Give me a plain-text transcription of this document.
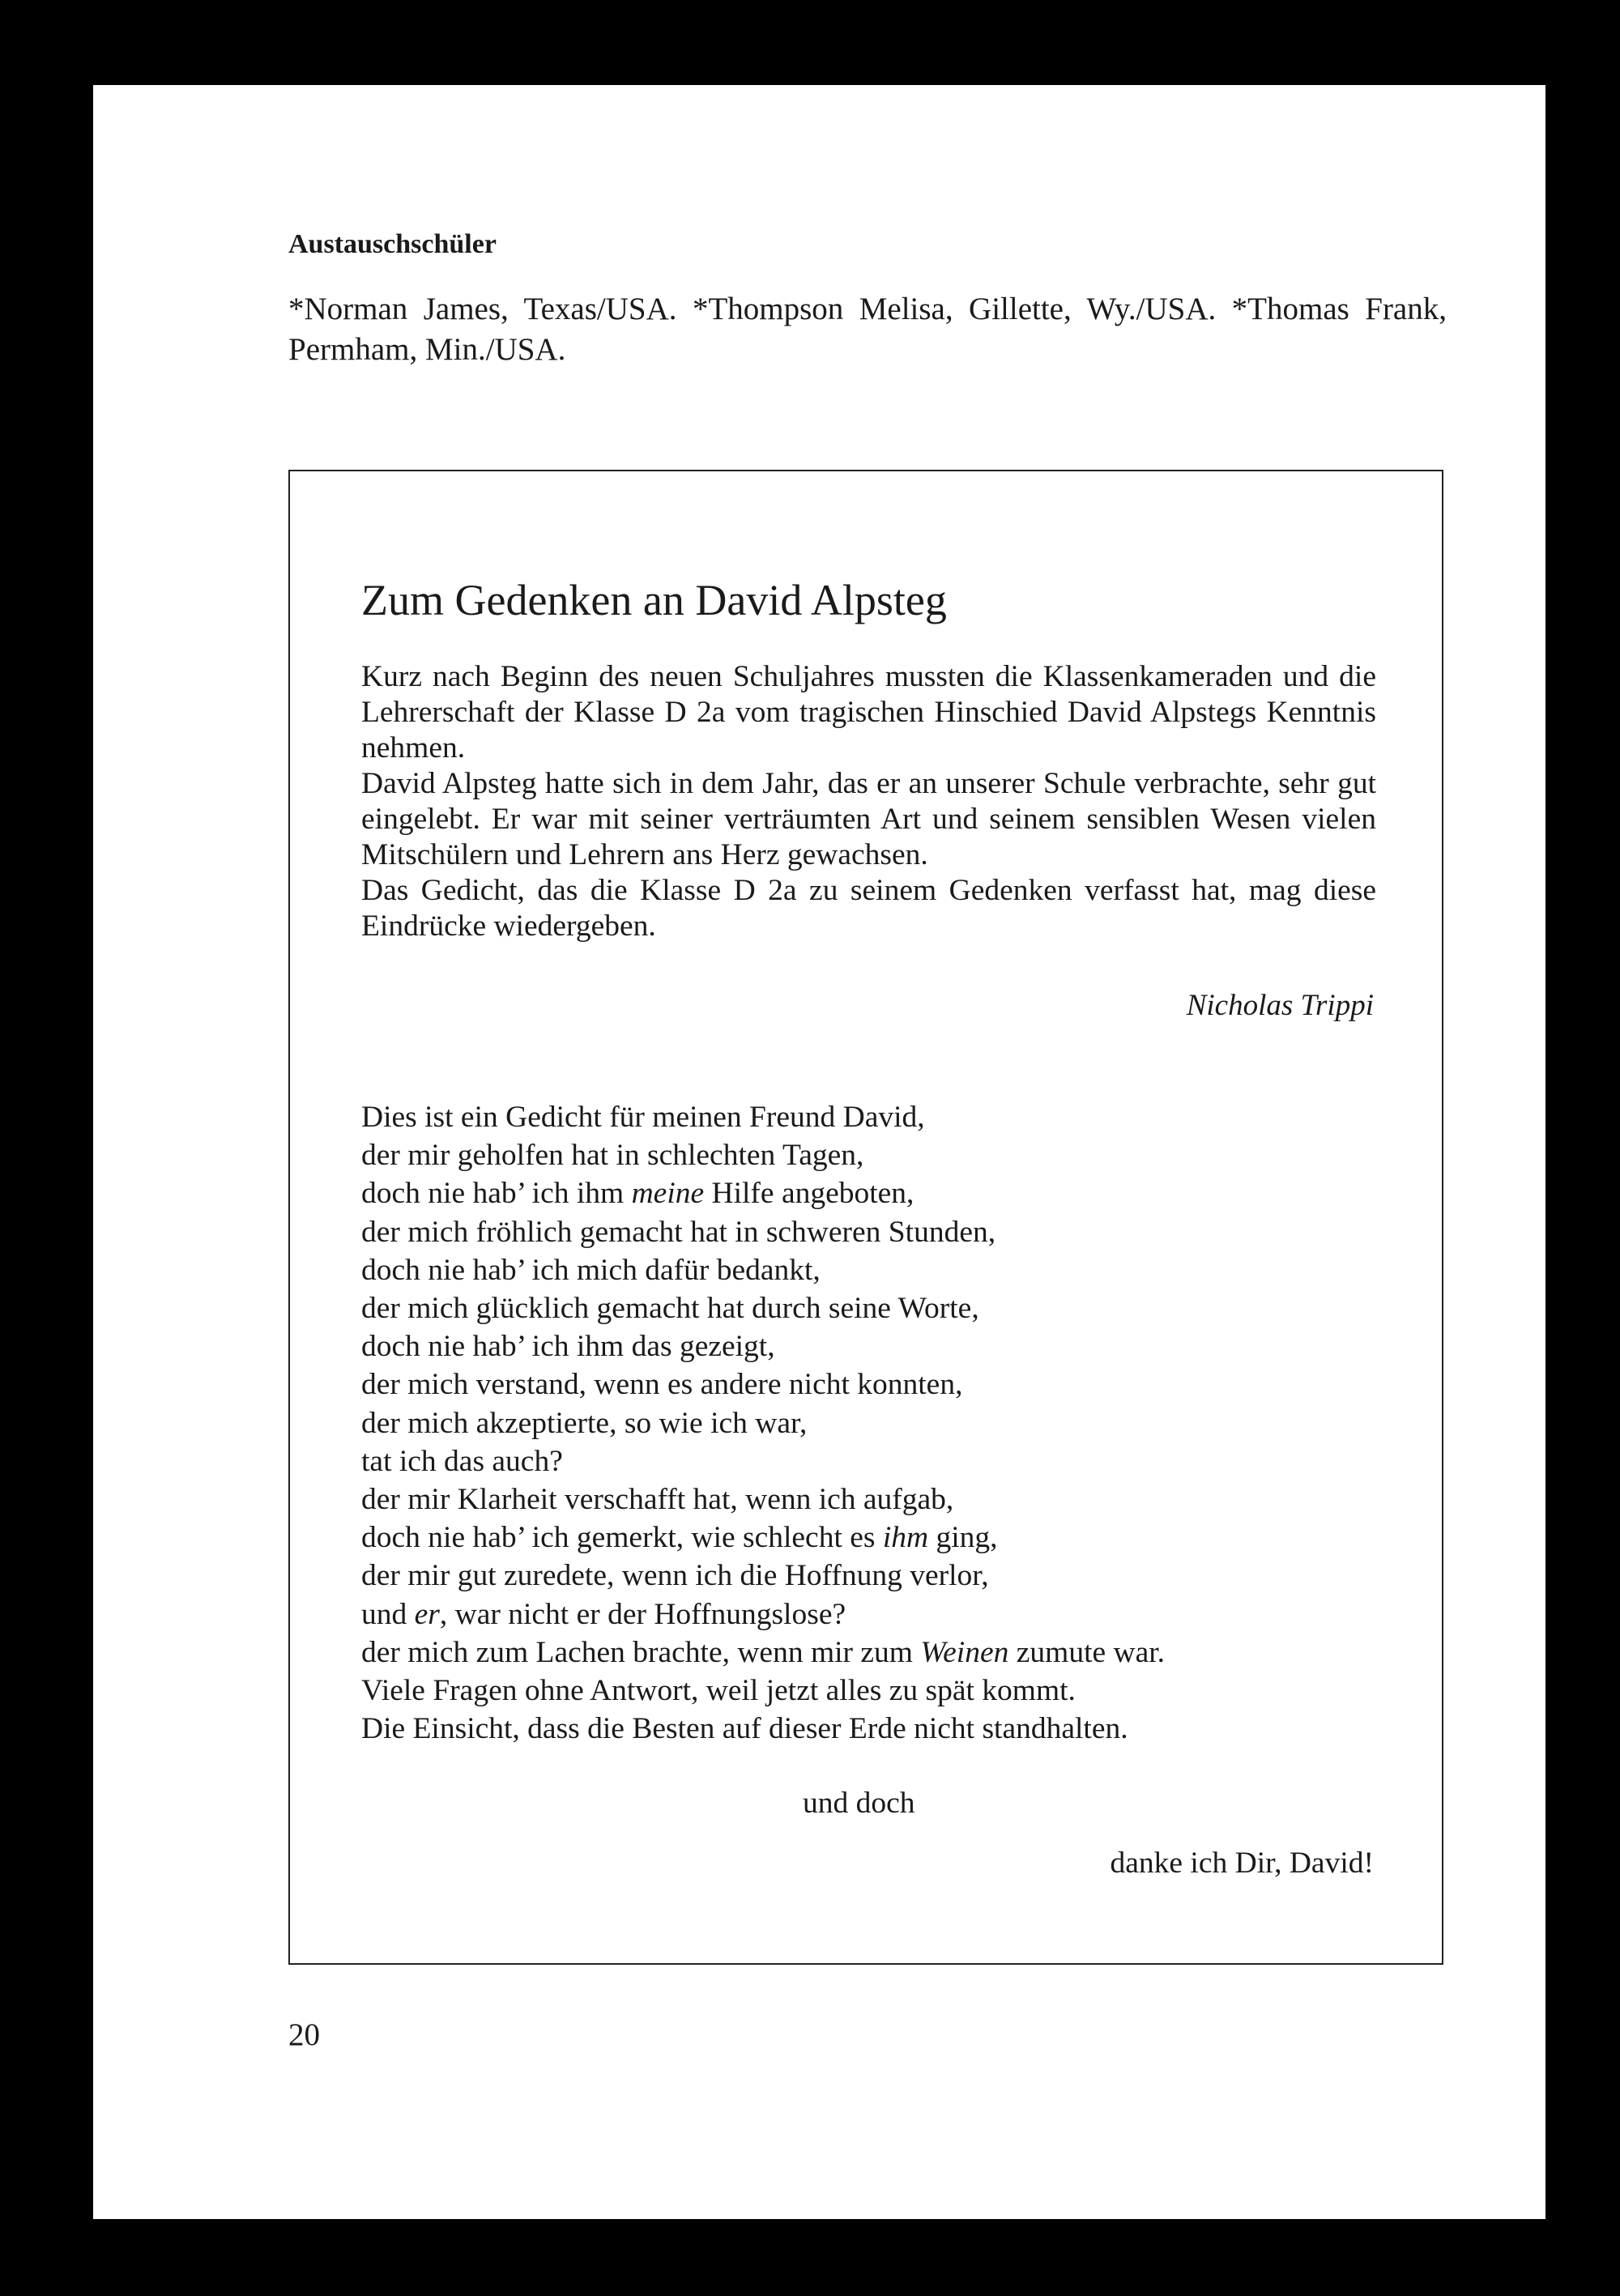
Austauschschüler

*Norman James, Texas/USA. *Thompson Melisa, Gillette, Wy./USA. *Thomas Frank, Permham, Min./USA.

Zum Gedenken an David Alpsteg

Kurz nach Beginn des neuen Schuljahres mussten die Klassenkameraden und die Lehrerschaft der Klasse D 2a vom tragischen Hinschied David Alpstegs Kenntnis nehmen.

David Alpsteg hatte sich in dem Jahr, das er an unserer Schule verbrachte, sehr gut eingelebt. Er war mit seiner verträumten Art und seinem sensiblen Wesen vielen Mitschülern und Lehrern ans Herz gewachsen.

Das Gedicht, das die Klasse D 2a zu seinem Gedenken verfasst hat, mag diese Eindrücke wiedergeben.

Nicholas Trippi

Dies ist ein Gedicht für meinen Freund David,
der mir geholfen hat in schlechten Tagen,
doch nie hab’ ich ihm meine Hilfe angeboten,
der mich fröhlich gemacht hat in schweren Stunden,
doch nie hab’ ich mich dafür bedankt,
der mich glücklich gemacht hat durch seine Worte,
doch nie hab’ ich ihm das gezeigt,
der mich verstand, wenn es andere nicht konnten,
der mich akzeptierte, so wie ich war,
tat ich das auch?
der mir Klarheit verschafft hat, wenn ich aufgab,
doch nie hab’ ich gemerkt, wie schlecht es ihm ging,
der mir gut zuredete, wenn ich die Hoffnung verlor,
und er, war nicht er der Hoffnungslose?
der mich zum Lachen brachte, wenn mir zum Weinen zumute war.
Viele Fragen ohne Antwort, weil jetzt alles zu spät kommt.
Die Einsicht, dass die Besten auf dieser Erde nicht standhalten.

und doch

danke ich Dir, David!

20
